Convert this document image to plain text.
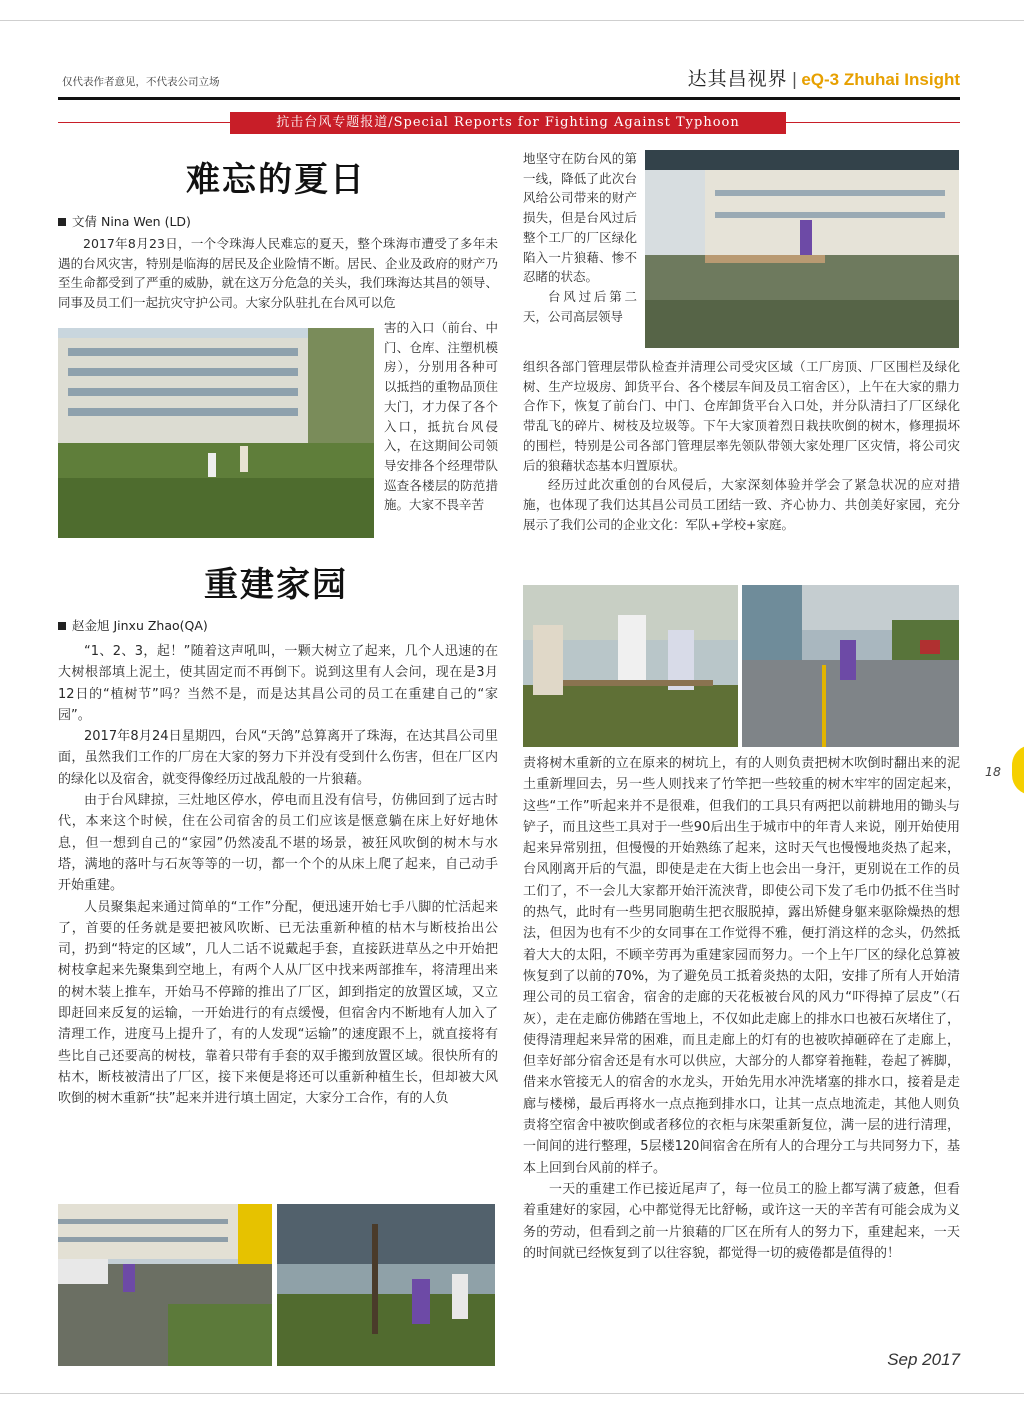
仅代表作者意见，不代表公司立场	达其昌视界 | eQ-3 Zhuhai Insight
抗击台风专题报道/Special Reports for Fighting Against Typhoon
难忘的夏日
文倩 Nina Wen (LD)

2017年8月23日，一个令珠海人民难忘的夏天，整个珠海市遭受了多年未遇的台风灾害，特别是临海的居民及企业险情不断。居民、企业及政府的财产乃至生命都受到了严重的威胁，就在这万分危急的关头，我们珠海达其昌的领导、同事及员工们一起抗灾守护公司。大家分队驻扎在台风可以危

害的入口（前台、中门、仓库、注塑机模房），分别用各种可以抵挡的重物品顶住大门，才力保了各个入口，抵抗台风侵入，在这期间公司领导安排各个经理带队巡查各楼层的防范措施。大家不畏辛苦

地坚守在防台风的第一线，降低了此次台风给公司带来的财产损失，但是台风过后整个工厂的厂区绿化陷入一片狼藉、惨不忍睹的状态。

台风过后第二天，公司高层领导

组织各部门管理层带队检查并清理公司受灾区域（工厂房顶、厂区围栏及绿化树、生产垃圾房、卸货平台、各个楼层车间及员工宿舍区），上午在大家的鼎力合作下，恢复了前台门、中门、仓库卸货平台入口处，并分队清扫了厂区绿化带乱飞的碎片、树枝及垃圾等。下午大家顶着烈日栽扶吹倒的树木，修理损坏的围栏，特别是公司各部门管理层率先领队带领大家处理厂区灾情，将公司灾后的狼藉状态基本归置原状。

经历过此次重创的台风侵后，大家深刻体验并学会了紧急状况的应对措施，也体现了我们达其昌公司员工团结一致、齐心协力、共创美好家园，充分展示了我们公司的企业文化：军队+学校+家庭。

重建家园
赵金旭 Jinxu Zhao(QA)

“1、2、3，起！”随着这声吼叫，一颗大树立了起来，几个人迅速的在大树根部填上泥土，使其固定而不再倒下。说到这里有人会问，现在是3月12日的“植树节”吗？当然不是，而是达其昌公司的员工在重建自己的“家园”。

2017年8月24日星期四，台风“天鸽”总算离开了珠海，在达其昌公司里面，虽然我们工作的厂房在大家的努力下并没有受到什么伤害，但在厂区内的绿化以及宿舍，就变得像经历过战乱般的一片狼藉。

由于台风肆掠，三灶地区停水，停电而且没有信号，仿佛回到了远古时代，本来这个时候，住在公司宿舍的员工们应该是惬意躺在床上好好地休息，但一想到自己的“家园”仍然凌乱不堪的场景，被狂风吹倒的树木与水塔，满地的落叶与石灰等等的一切，都一个个的从床上爬了起来，自己动手开始重建。

人员聚集起来通过简单的“工作”分配，便迅速开始七手八脚的忙活起来了，首要的任务就是要把被风吹断、已无法重新种植的枯木与断枝抬出公司，扔到“特定的区域”，几人二话不说戴起手套，直接跃进草丛之中开始把树枝拿起来先聚集到空地上，有两个人从厂区中找来两部推车，将清理出来的树木装上推车，开始马不停蹄的推出了厂区，卸到指定的放置区域，又立即赶回来反复的运输，一开始进行的有点缓慢，但宿舍内不断地有人加入了清理工作，进度马上提升了，有的人发现“运输”的速度跟不上，就直接将有些比自己还要高的树枝，靠着只带有手套的双手搬到放置区域。很快所有的枯木，断枝被清出了厂区，接下来便是将还可以重新种植生长，但却被大风吹倒的树木重新“扶”起来并进行填土固定，大家分工合作，有的人负

责将树木重新的立在原来的树坑上，有的人则负责把树木吹倒时翻出来的泥土重新埋回去，另一些人则找来了竹竿把一些较重的树木牢牢的固定起来，这些“工作”听起来并不是很难，但我们的工具只有两把以前耕地用的锄头与铲子，而且这些工具对于一些90后出生于城市中的年青人来说，刚开始使用起来异常别扭，但慢慢的开始熟练了起来，这时天气也慢慢地炎热了起来，台风刚离开后的气温，即使是走在大街上也会出一身汗，更别说在工作的员工们了，不一会儿大家都开始汗流浃背，即使公司下发了毛巾仍抵不住当时的热气，此时有一些男同胞萌生把衣服脱掉，露出矫健身躯来驱除燥热的想法，但因为也有不少的女同事在工作觉得不雅，便打消这样的念头，仍然抵着大大的太阳，不顾辛劳再为重建家园而努力。一个上午厂区的绿化总算被恢复到了以前的70%，为了避免员工抵着炎热的太阳，安排了所有人开始清理公司的员工宿舍，宿舍的走廊的天花板被台风的风力“吓得掉了层皮”（石灰），走在走廊仿佛踏在雪地上，不仅如此走廊上的排水口也被石灰堵住了，使得清理起来异常的困难，而且走廊上的灯有的也被吹掉砸碎在了走廊上，但幸好部分宿舍还是有水可以供应，大部分的人都穿着拖鞋，卷起了裤脚，借来水管接无人的宿舍的水龙头，开始先用水冲洗堵塞的排水口，接着是走廊与楼梯，最后再将水一点点拖到排水口，让其一点点地流走，其他人则负责将空宿舍中被吹倒或者移位的衣柜与床架重新复位，满一层的进行清理，一间间的进行整理，5层楼120间宿舍在所有人的合理分工与共同努力下，基本上回到台风前的样子。

一天的重建工作已接近尾声了，每一位员工的脸上都写满了疲惫，但看着重建好的家园，心中都觉得无比舒畅，或许这一天的辛苦有可能会成为义务的劳动，但看到之前一片狼藉的厂区在所有人的努力下，重建起来，一天的时间就已经恢复到了以往容貌，都觉得一切的疲倦都是值得的！

18
Sep 2017
